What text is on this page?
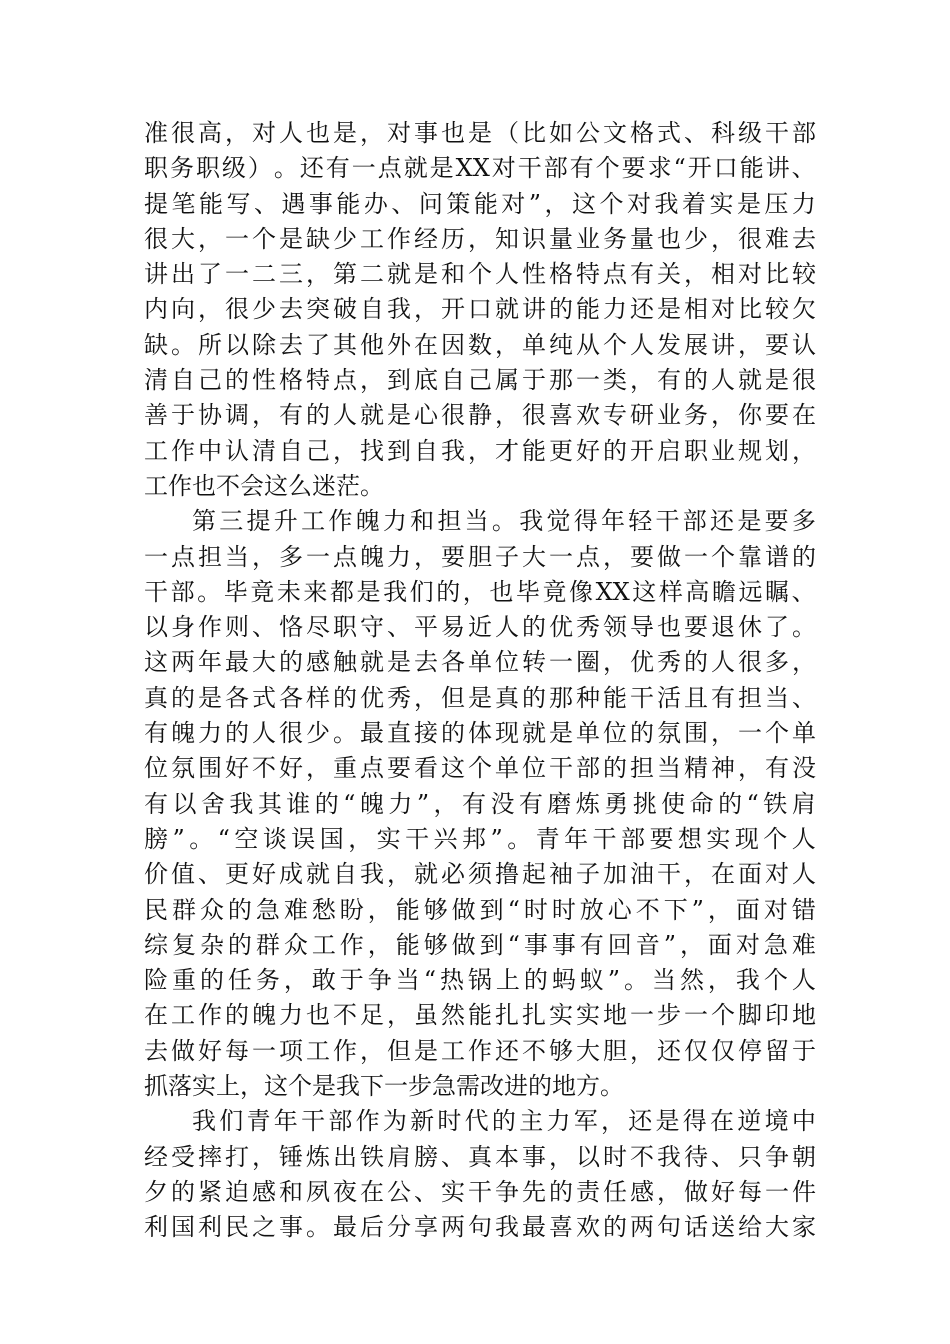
准 很 高 ， 对 人 也 是 ， 对 事 也 是 （ 比 如 公 文 格 式 、 科 级 干 部
职 务 职 级 ） 。 还 有 一 点 就 是 XX 对 干 部 有 个 要 求 “ 开 口 能 讲 、
提 笔 能 写 、 遇 事 能 办 、 问 策 能 对 ” ， 这 个 对 我 着 实 是 压 力
很 大 ， 一 个 是 缺 少 工 作 经 历 ， 知 识 量 业 务 量 也 少 ， 很 难 去
讲 出 了 一 二 三 ， 第 二 就 是 和 个 人 性 格 特 点 有 关 ， 相 对 比 较
内 向 ， 很 少 去 突 破 自 我 ， 开 口 就 讲 的 能 力 还 是 相 对 比 较 欠
缺 。 所 以 除 去 了 其 他 外 在 因 数 ， 单 纯 从 个 人 发 展 讲 ， 要 认
清 自 己 的 性 格 特 点 ， 到 底 自 己 属 于 那 一 类 ， 有 的 人 就 是 很
善 于 协 调 ， 有 的 人 就 是 心 很 静 ， 很 喜 欢 专 研 业 务 ， 你 要 在
工 作 中 认 清 自 己 ， 找 到 自 我 ， 才 能 更 好 的 开 启 职 业 规 划 ，
工作也不会这么迷茫。
第 三 提 升 工 作 魄 力 和 担 当 。 我 觉 得 年 轻 干 部 还 是 要 多
一 点 担 当 ， 多 一 点 魄 力 ， 要 胆 子 大 一 点 ， 要 做 一 个 靠 谱 的
干 部 。 毕 竟 未 来 都 是 我 们 的 ， 也 毕 竟 像 XX 这 样 高 瞻 远 瞩 、
以 身 作 则 、 恪 尽 职 守 、 平 易 近 人 的 优 秀 领 导 也 要 退 休 了 。
这 两 年 最 大 的 感 触 就 是 去 各 单 位 转 一 圈 ， 优 秀 的 人 很 多 ，
真 的 是 各 式 各 样 的 优 秀 ， 但 是 真 的 那 种 能 干 活 且 有 担 当 、
有 魄 力 的 人 很 少 。 最 直 接 的 体 现 就 是 单 位 的 氛 围 ， 一 个 单
位 氛 围 好 不 好 ， 重 点 要 看 这 个 单 位 干 部 的 担 当 精 神 ， 有 没
有 以 舍 我 其 谁 的 “ 魄 力 ” ， 有 没 有 磨 炼 勇 挑 使 命 的 “ 铁 肩
膀 ” 。 “ 空 谈 误 国 ， 实 干 兴 邦 ” 。 青 年 干 部 要 想 实 现 个 人
价 值 、 更 好 成 就 自 我 ， 就 必 须 撸 起 袖 子 加 油 干 ， 在 面 对 人
民 群 众 的 急 难 愁 盼 ， 能 够 做 到 “ 时 时 放 心 不 下 ” ， 面 对 错
综 复 杂 的 群 众 工 作 ， 能 够 做 到 “ 事 事 有 回 音 ” ， 面 对 急 难
险 重 的 任 务 ， 敢 于 争 当 “ 热 锅 上 的 蚂 蚁 ” 。 当 然 ， 我 个 人
在 工 作 的 魄 力 也 不 足 ， 虽 然 能 扎 扎 实 实 地 一 步 一 个 脚 印 地
去 做 好 每 一 项 工 作 ， 但 是 工 作 还 不 够 大 胆 ， 还 仅 仅 停 留 于
抓落实上，这个是我下一步急需改进的地方。
我 们 青 年 干 部 作 为 新 时 代 的 主 力 军 ， 还 是 得 在 逆 境 中
经 受 摔 打 ， 锤 炼 出 铁 肩 膀 、 真 本 事 ， 以 时 不 我 待 、 只 争 朝
夕 的 紧 迫 感 和 夙 夜 在 公 、 实 干 争 先 的 责 任 感 ， 做 好 每 一 件
利 国 利 民 之 事 。 最 后 分 享 两 句 我 最 喜 欢 的 两 句 话 送 给 大 家
